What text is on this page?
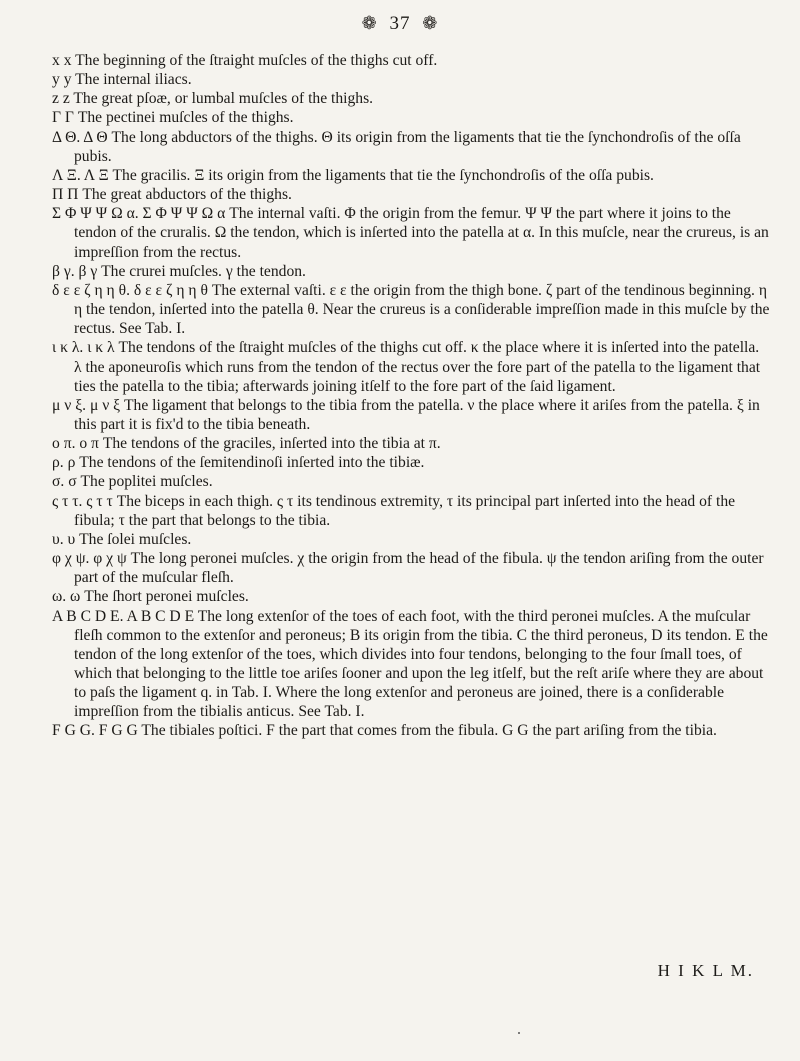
❁ 37 ❁

x x The beginning of the ſtraight muſcles of the thighs cut off.

y y The internal iliacs.

z z The great pſoæ, or lumbal muſcles of the thighs.

Γ Γ The pectinei muſcles of the thighs.

Δ Θ. Δ Θ The long abductors of the thighs. Θ its origin from the ligaments that tie the ſynchondroſis of the oſſa pubis.

Λ Ξ. Λ Ξ The gracilis. Ξ its origin from the ligaments that tie the ſynchondroſis of the oſſa pubis.

Π Π The great abductors of the thighs.

Σ Φ Ψ Ψ Ω α. Σ Φ Ψ Ψ Ω α The internal vaſti. Φ the origin from the femur. Ψ Ψ the part where it joins to the tendon of the cruralis. Ω the tendon, which is inſerted into the patella at α. In this muſcle, near the crureus, is an impreſſion from the rectus.

β γ. β γ The crurei muſcles. γ the tendon.

δ ε ε ζ η η θ. δ ε ε ζ η η θ The external vaſti. ε ε the origin from the thigh bone. ζ part of the tendinous beginning. η η the tendon, inſerted into the patella θ. Near the crureus is a conſiderable impreſſion made in this muſcle by the rectus. See Tab. I.

ι κ λ. ι κ λ The tendons of the ſtraight muſcles of the thighs cut off. κ the place where it is inſerted into the patella. λ the aponeuroſis which runs from the tendon of the rectus over the fore part of the patella to the ligament that ties the patella to the tibia; afterwards joining itſelf to the fore part of the ſaid ligament.

μ ν ξ. μ ν ξ The ligament that belongs to the tibia from the patella. ν the place where it ariſes from the patella. ξ in this part it is fix'd to the tibia beneath.

ο π. ο π The tendons of the graciles, inſerted into the tibia at π.

ρ. ρ The tendons of the ſemitendinoſi inſerted into the tibiæ.

σ. σ The poplitei muſcles.

ς τ τ. ς τ τ The biceps in each thigh. ς τ its tendinous extremity, τ its principal part inſerted into the head of the fibula; τ the part that belongs to the tibia.

υ. υ The ſolei muſcles.

φ χ ψ. φ χ ψ The long peronei muſcles. χ the origin from the head of the fibula. ψ the tendon ariſing from the outer part of the muſcular fleſh.

ω. ω The ſhort peronei muſcles.

A B C D E. A B C D E The long extenſor of the toes of each foot, with the third peronei muſcles. A the muſcular fleſh common to the extenſor and peroneus; B its origin from the tibia. C the third peroneus, D its tendon. E the tendon of the long extenſor of the toes, which divides into four tendons, belonging to the four ſmall toes, of which that belonging to the little toe ariſes ſooner and upon the leg itſelf, but the reſt ariſe where they are about to paſs the ligament q. in Tab. I. Where the long extenſor and peroneus are joined, there is a conſiderable impreſſion from the tibialis anticus. See Tab. I.

F G G. F G G The tibiales poſtici. F the part that comes from the fibula. G G the part ariſing from the tibia.

H I K L M.
